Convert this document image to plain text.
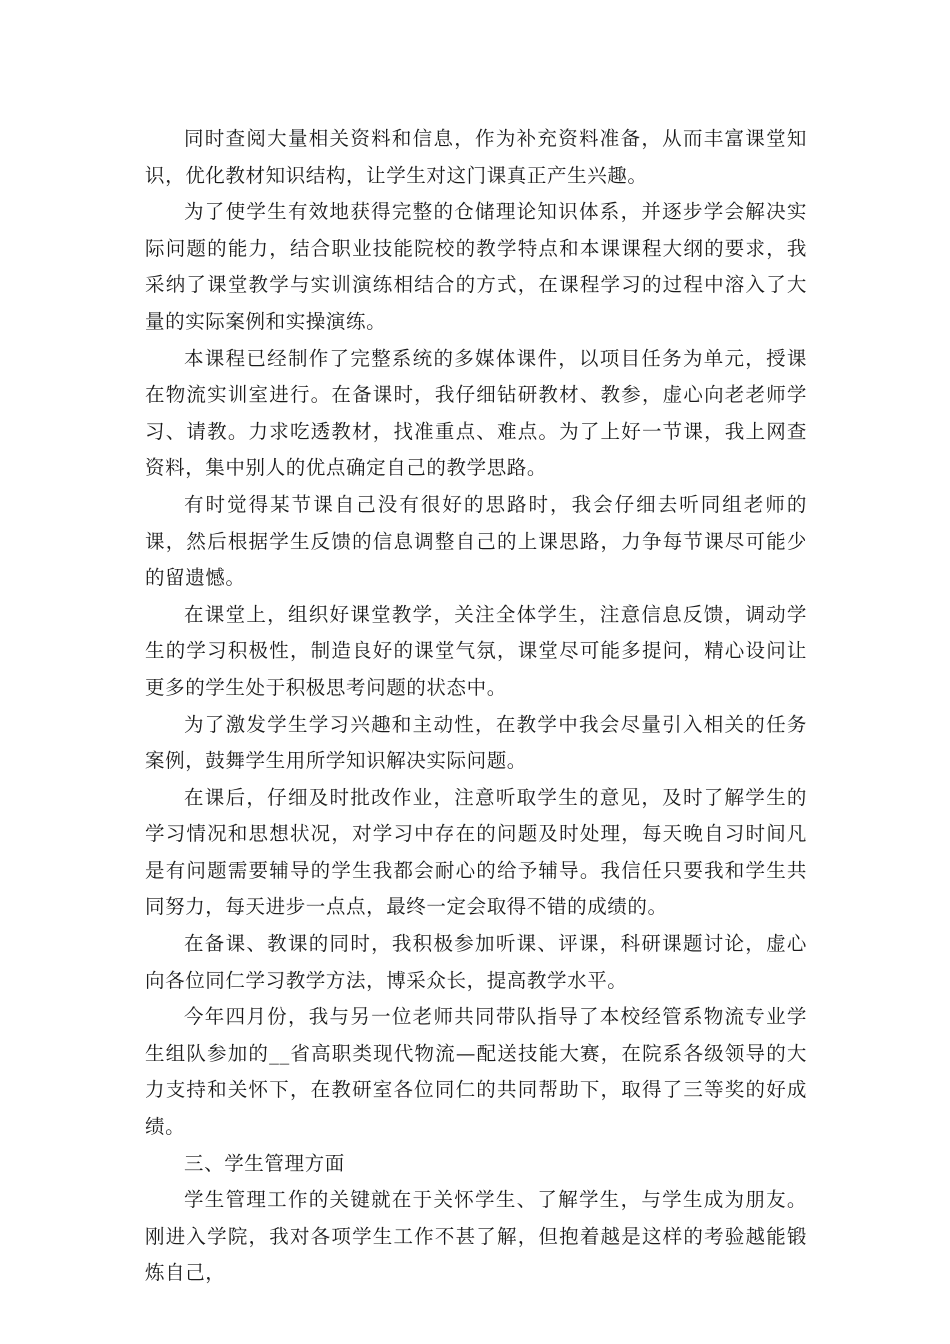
同时查阅大量相关资料和信息，作为补充资料准备，从而丰富课堂知识，优化教材知识结构，让学生对这门课真正产生兴趣。

为了使学生有效地获得完整的仓储理论知识体系，并逐步学会解决实际问题的能力，结合职业技能院校的教学特点和本课课程大纲的要求，我采纳了课堂教学与实训演练相结合的方式，在课程学习的过程中溶入了大量的实际案例和实操演练。

本课程已经制作了完整系统的多媒体课件，以项目任务为单元，授课在物流实训室进行。在备课时，我仔细钻研教材、教参，虚心向老老师学习、请教。力求吃透教材，找准重点、难点。为了上好一节课，我上网查资料，集中别人的优点确定自己的教学思路。

有时觉得某节课自己没有很好的思路时，我会仔细去听同组老师的课，然后根据学生反馈的信息调整自己的上课思路，力争每节课尽可能少的留遗憾。

在课堂上，组织好课堂教学，关注全体学生，注意信息反馈，调动学生的学习积极性，制造良好的课堂气氛，课堂尽可能多提问，精心设问让更多的学生处于积极思考问题的状态中。

为了激发学生学习兴趣和主动性，在教学中我会尽量引入相关的任务案例，鼓舞学生用所学知识解决实际问题。

在课后，仔细及时批改作业，注意听取学生的意见，及时了解学生的学习情况和思想状况，对学习中存在的问题及时处理，每天晚自习时间凡是有问题需要辅导的学生我都会耐心的给予辅导。我信任只要我和学生共同努力，每天进步一点点，最终一定会取得不错的成绩的。

在备课、教课的同时，我积极参加听课、评课，科研课题讨论，虚心向各位同仁学习教学方法，博采众长，提高教学水平。

今年四月份，我与另一位老师共同带队指导了本校经管系物流专业学生组队参加的__省高职类现代物流—配送技能大赛，在院系各级领导的大力支持和关怀下，在教研室各位同仁的共同帮助下，取得了三等奖的好成绩。

三、学生管理方面

学生管理工作的关键就在于关怀学生、了解学生，与学生成为朋友。刚进入学院，我对各项学生工作不甚了解，但抱着越是这样的考验越能锻炼自己，
